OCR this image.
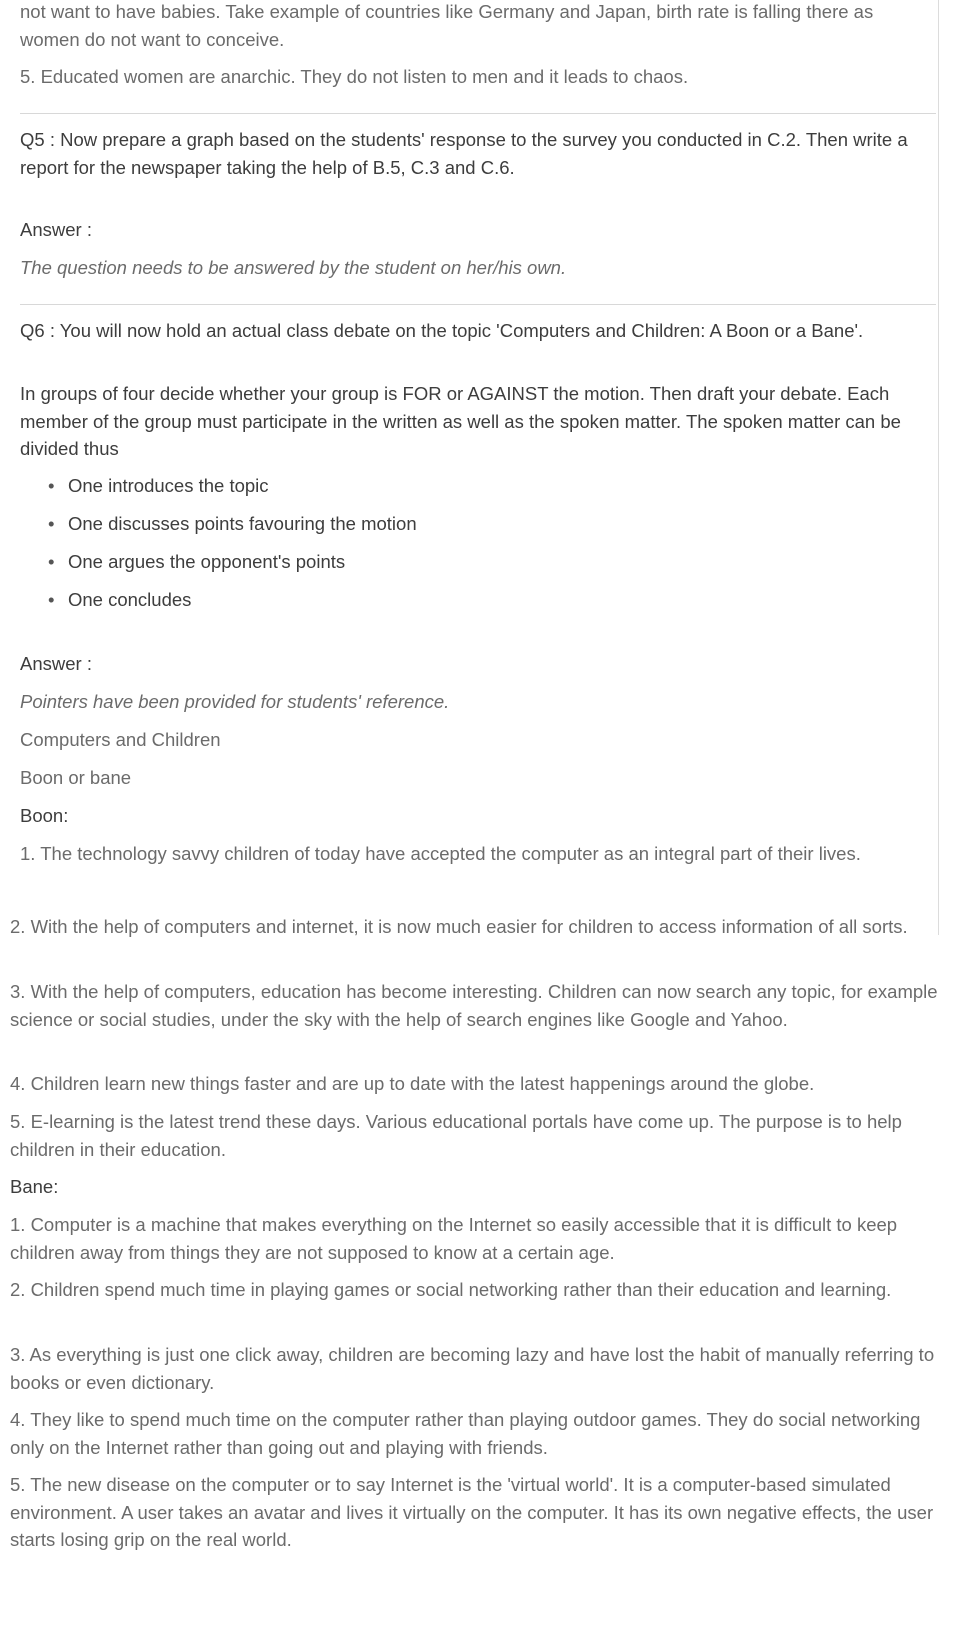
not want to have babies. Take example of countries like Germany and Japan, birth rate is falling there as women do not want to conceive.

5. Educated women are anarchic. They do not listen to men and it leads to chaos.

Q5 : Now prepare a graph based on the students' response to the survey you conducted in C.2. Then write a report for the newspaper taking the help of B.5, C.3 and C.6.

Answer :

The question needs to be answered by the student on her/his own.

Q6 : You will now hold an actual class debate on the topic 'Computers and Children: A Boon or a Bane'.

In groups of four decide whether your group is FOR or AGAINST the motion. Then draft your debate. Each member of the group must participate in the written as well as the spoken matter. The spoken matter can be divided thus

• One introduces the topic
• One discusses points favouring the motion
• One argues the opponent's points
• One concludes

Answer :

Pointers have been provided for students' reference.

Computers and Children

Boon or bane

Boon:

1. The technology savvy children of today have accepted the computer as an integral part of their lives.

2. With the help of computers and internet, it is now much easier for children to access information of all sorts.

3. With the help of computers, education has become interesting. Children can now search any topic, for example science or social studies, under the sky with the help of search engines like Google and Yahoo.

4. Children learn new things faster and are up to date with the latest happenings around the globe.

5. E-learning is the latest trend these days. Various educational portals have come up. The purpose is to help children in their education.

Bane:

1. Computer is a machine that makes everything on the Internet so easily accessible that it is difficult to keep children away from things they are not supposed to know at a certain age.

2. Children spend much time in playing games or social networking rather than their education and learning.

3. As everything is just one click away, children are becoming lazy and have lost the habit of manually referring to books or even dictionary.

4. They like to spend much time on the computer rather than playing outdoor games. They do social networking only on the Internet rather than going out and playing with friends.

5. The new disease on the computer or to say Internet is the 'virtual world'. It is a computer-based simulated environment. A user takes an avatar and lives it virtually on the computer. It has its own negative effects, the user starts losing grip on the real world.
